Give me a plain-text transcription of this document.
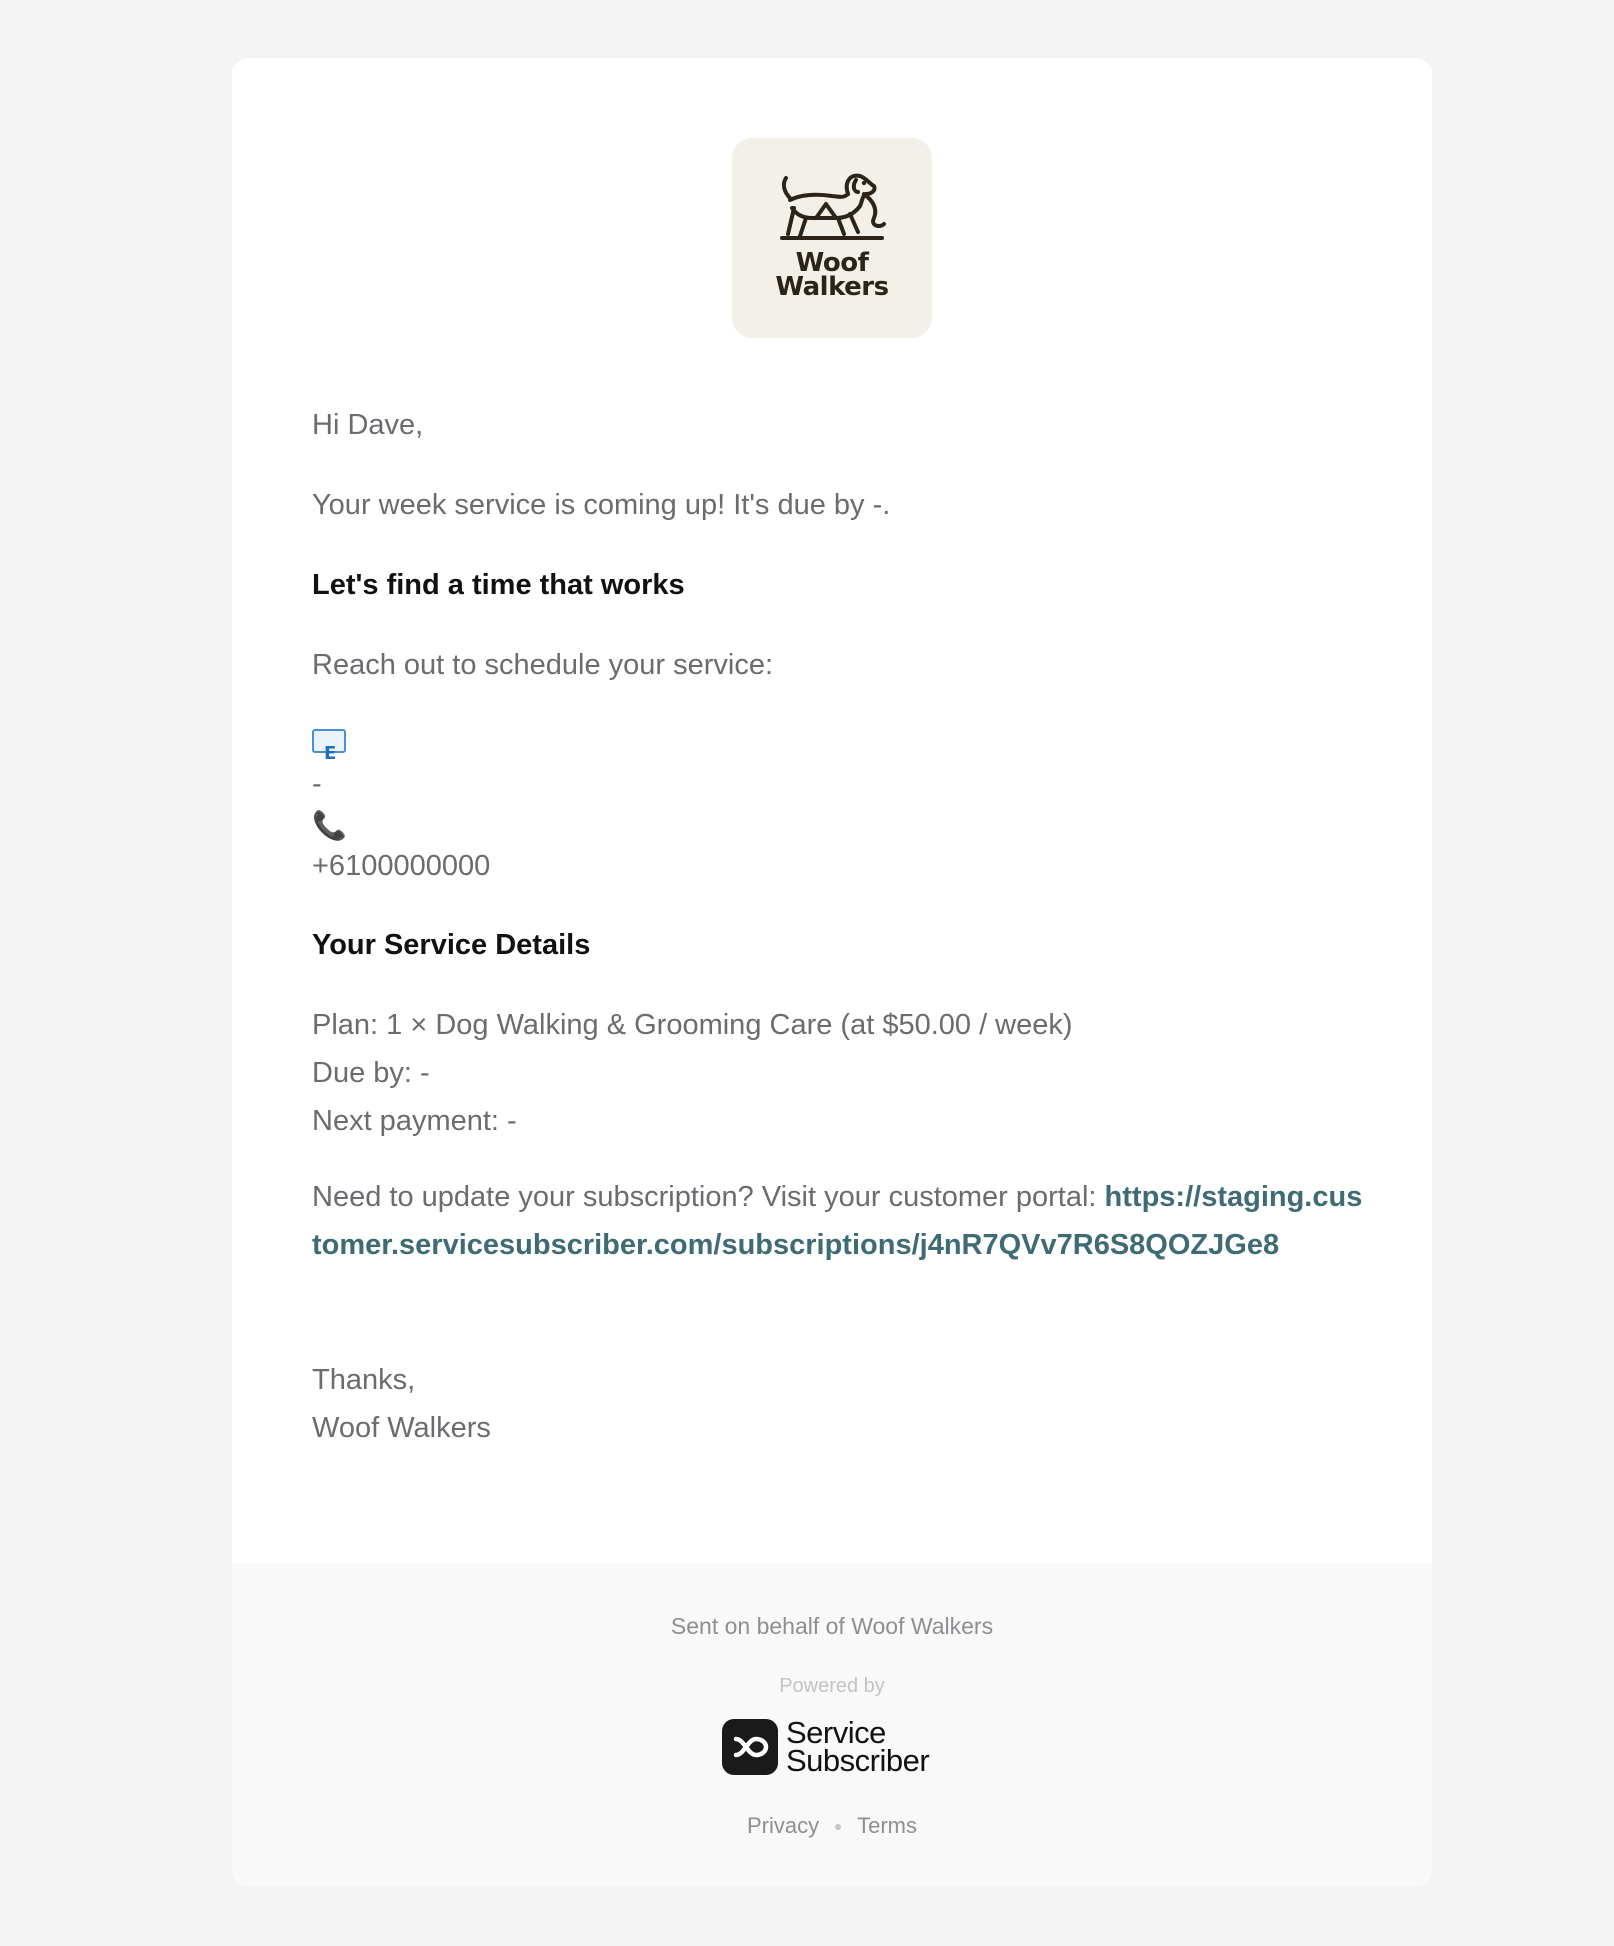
Woof
Walkers
Hi Dave,
Your week service is coming up! It's due by -.
Let's find a time that works
Reach out to schedule your service:
E
-
📞
+6100000000
Your Service Details
Plan: 1 × Dog Walking & Grooming Care (at $50.00 / week)
Due by: -
Next payment: -
Need to update your subscription? Visit your customer portal: https://staging.customer.servicesubscriber.com/subscriptions/j4nR7QVv7R6S8QOZJGe8
Thanks,
Woof Walkers
Sent on behalf of Woof Walkers
Powered by
Service
Subscriber
Privacy Terms
